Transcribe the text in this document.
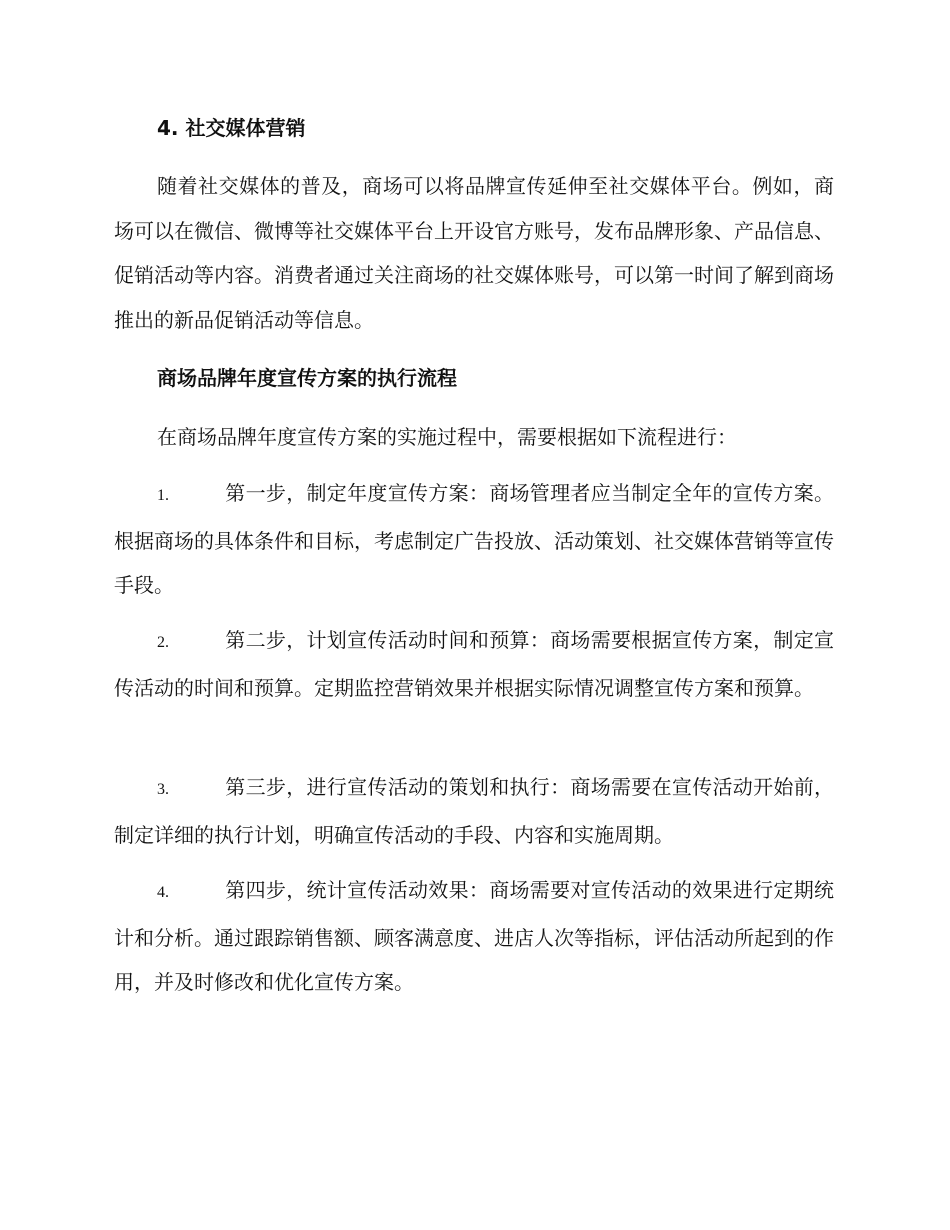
4. 社交媒体营销
随着社交媒体的普及，商场可以将品牌宣传延伸至社交媒体平台。例如，商场可以在微信、微博等社交媒体平台上开设官方账号，发布品牌形象、产品信息、促销活动等内容。消费者通过关注商场的社交媒体账号，可以第一时间了解到商场推出的新品促销活动等信息。
商场品牌年度宣传方案的执行流程
在商场品牌年度宣传方案的实施过程中，需要根据如下流程进行：
1.	第一步，制定年度宣传方案：商场管理者应当制定全年的宣传方案。根据商场的具体条件和目标，考虑制定广告投放、活动策划、社交媒体营销等宣传手段。
2.	第二步，计划宣传活动时间和预算：商场需要根据宣传方案，制定宣传活动的时间和预算。定期监控营销效果并根据实际情况调整宣传方案和预算。
3.	第三步，进行宣传活动的策划和执行：商场需要在宣传活动开始前，制定详细的执行计划，明确宣传活动的手段、内容和实施周期。
4.	第四步，统计宣传活动效果：商场需要对宣传活动的效果进行定期统计和分析。通过跟踪销售额、顾客满意度、进店人次等指标，评估活动所起到的作用，并及时修改和优化宣传方案。
